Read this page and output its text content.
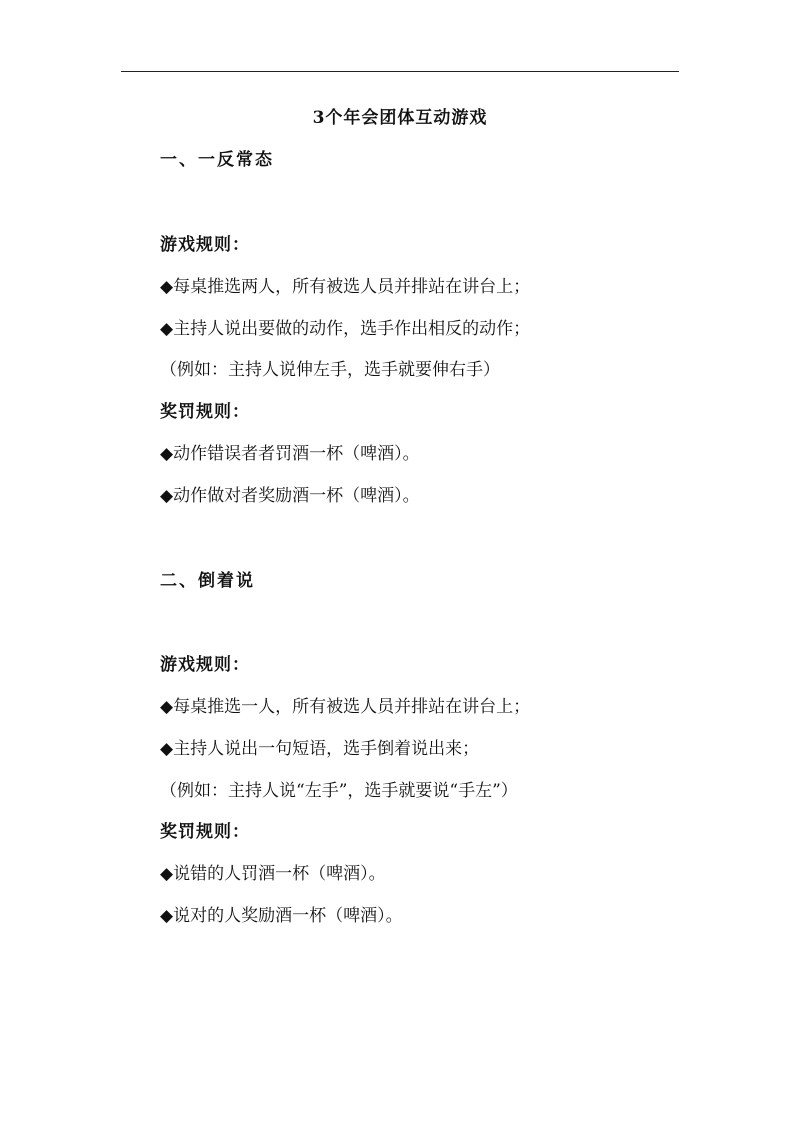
3个年会团体互动游戏
一、一反常态
游戏规则：
◆每桌推选两人，所有被选人员并排站在讲台上；
◆主持人说出要做的动作，选手作出相反的动作；
（例如：主持人说伸左手，选手就要伸右手）
奖罚规则：
◆动作错误者者罚酒一杯（啤酒）。
◆动作做对者奖励酒一杯（啤酒）。
二、倒着说
游戏规则：
◆每桌推选一人，所有被选人员并排站在讲台上；
◆主持人说出一句短语，选手倒着说出来；
（例如：主持人说“左手”，选手就要说“手左”）
奖罚规则：
◆说错的人罚酒一杯（啤酒）。
◆说对的人奖励酒一杯（啤酒）。
